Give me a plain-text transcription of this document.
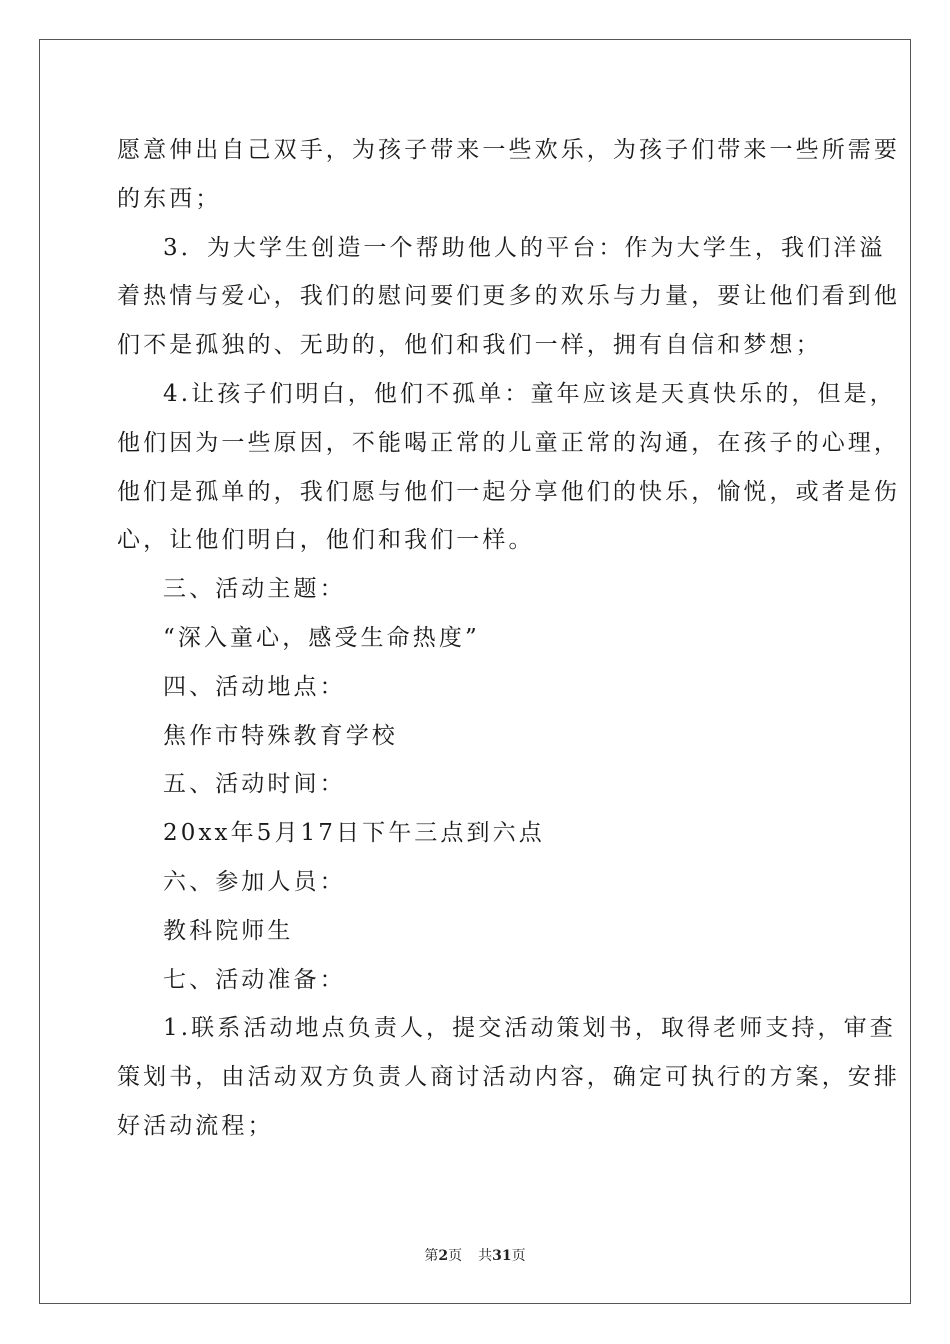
愿意伸出自己双手，为孩子带来一些欢乐，为孩子们带来一些所需要
的东西；
3．为大学生创造一个帮助他人的平台：作为大学生，我们洋溢
着热情与爱心，我们的慰问要们更多的欢乐与力量，要让他们看到他
们不是孤独的、无助的，他们和我们一样，拥有自信和梦想；
4.让孩子们明白，他们不孤单：童年应该是天真快乐的，但是，
他们因为一些原因，不能喝正常的儿童正常的沟通，在孩子的心理，
他们是孤单的，我们愿与他们一起分享他们的快乐，愉悦，或者是伤
心，让他们明白，他们和我们一样。
三、活动主题：
“深入童心，感受生命热度”
四、活动地点：
焦作市特殊教育学校
五、活动时间：
20xx年5月17日下午三点到六点
六、参加人员：
教科院师生
七、活动准备：
1.联系活动地点负责人，提交活动策划书，取得老师支持，审查
策划书，由活动双方负责人商讨活动内容，确定可执行的方案，安排
好活动流程；
第2页 共31页
